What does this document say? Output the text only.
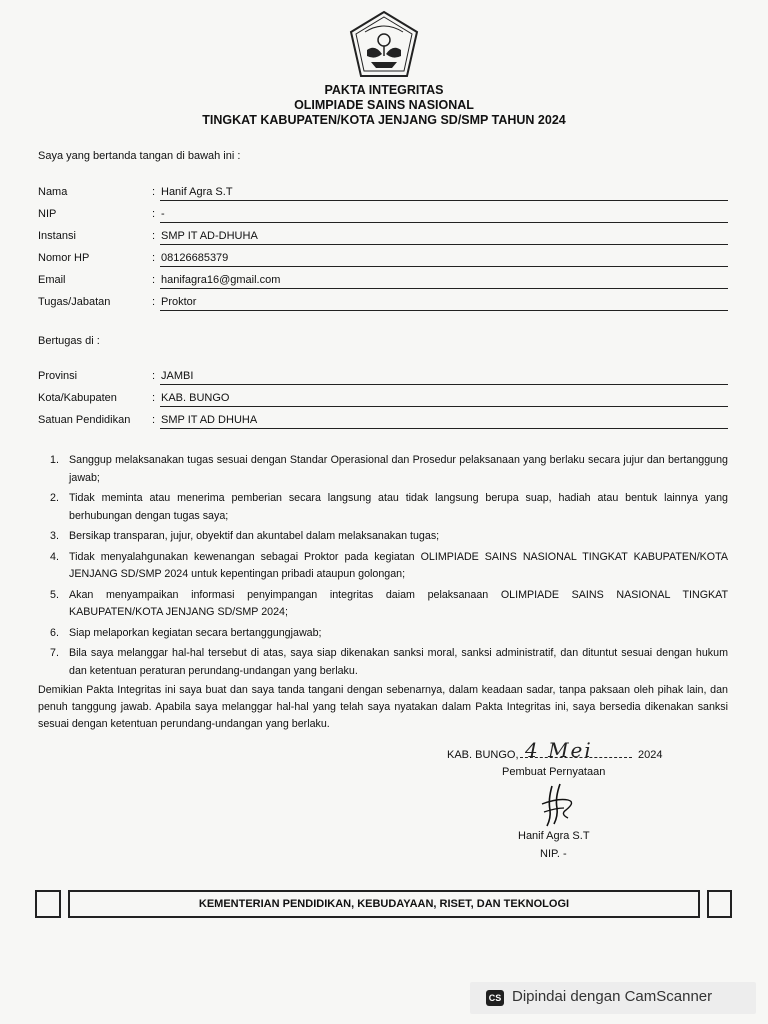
PAKTA INTEGRITAS
OLIMPIADE SAINS NASIONAL
TINGKAT KABUPATEN/KOTA JENJANG SD/SMP TAHUN 2024
Saya yang bertanda tangan di bawah ini :
Nama	: Hanif Agra S.T
NIP	: -
Instansi	: SMP IT AD-DHUHA
Nomor HP	: 08126685379
Email	: hanifagra16@gmail.com
Tugas/Jabatan	: Proktor
Bertugas di :
Provinsi	: JAMBI
Kota/Kabupaten	: KAB. BUNGO
Satuan Pendidikan : SMP IT AD DHUHA
1. Sanggup melaksanakan tugas sesuai dengan Standar Operasional dan Prosedur pelaksanaan yang berlaku secara jujur dan bertanggung jawab;
2. Tidak meminta atau menerima pemberian secara langsung atau tidak langsung berupa suap, hadiah atau bentuk lainnya yang berhubungan dengan tugas saya;
3. Bersikap transparan, jujur, obyektif dan akuntabel dalam melaksanakan tugas;
4. Tidak menyalahgunakan kewenangan sebagai Proktor pada kegiatan OLIMPIADE SAINS NASIONAL TINGKAT KABUPATEN/KOTA JENJANG SD/SMP 2024 untuk kepentingan pribadi ataupun golongan;
5. Akan menyampaikan informasi penyimpangan integritas daiam pelaksanaan OLIMPIADE SAINS NASIONAL TINGKAT KABUPATEN/KOTA JENJANG SD/SMP 2024;
6. Siap melaporkan kegiatan secara bertanggungjawab;
7. Bila saya melanggar hal-hal tersebut di atas, saya siap dikenakan sanksi moral, sanksi administratif, dan dituntut sesuai dengan hukum dan ketentuan peraturan perundang-undangan yang berlaku.
Demikian Pakta Integritas ini saya buat dan saya tanda tangani dengan sebenarnya, dalam keadaan sadar, tanpa paksaan oleh pihak lain, dan penuh tanggung jawab. Apabila saya melanggar hal-hal yang telah saya nyatakan dalam Pakta Integritas ini, saya bersedia dikenakan sanksi sesuai dengan ketentuan perundang-undangan yang berlaku.
KAB. BUNGO, 4 Mei	2024
Pembuat Pernyataan
Hanif Agra S.T
NIP. -
KEMENTERIAN PENDIDIKAN, KEBUDAYAAN, RISET, DAN TEKNOLOGI
CS Dipindai dengan CamScanner
